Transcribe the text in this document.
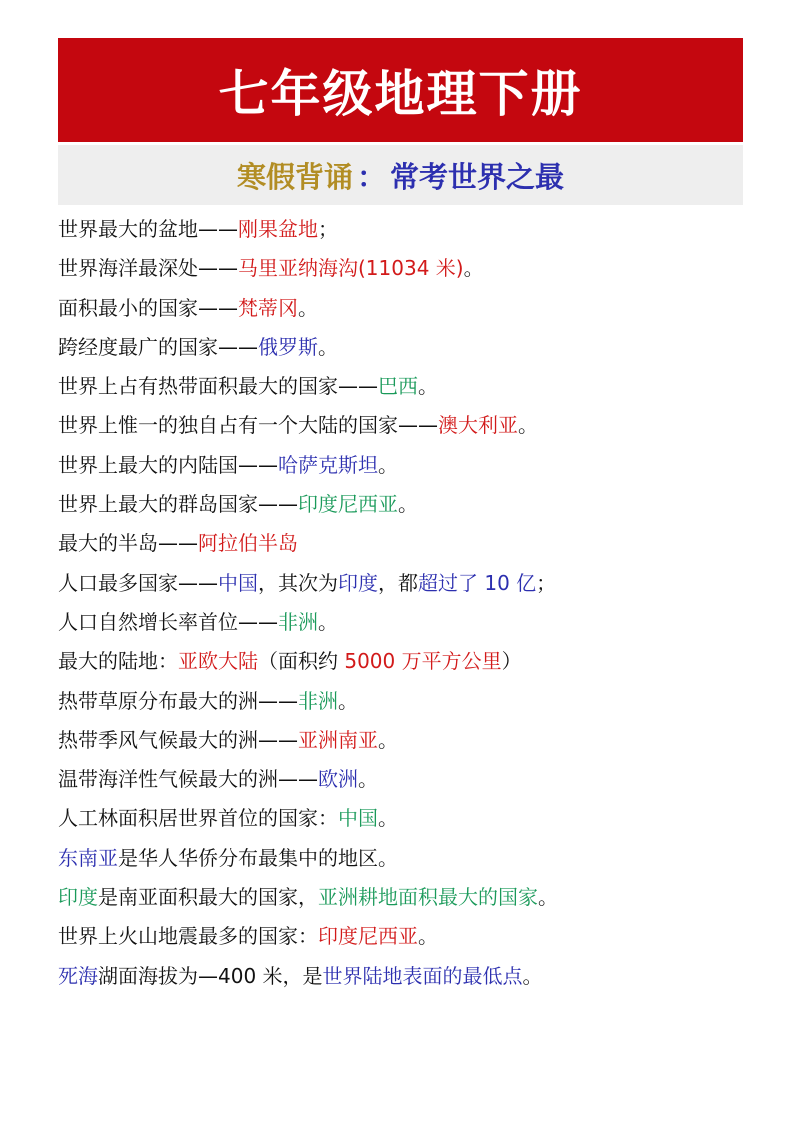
七年级地理下册
寒假背诵 ： 常考世界之最
世界最大的盆地——刚果盆地；
世界海洋最深处——马里亚纳海沟(11034 米)。
面积最小的国家——梵蒂冈。
跨经度最广的国家——俄罗斯。
世界上占有热带面积最大的国家——巴西。
世界上惟一的独自占有一个大陆的国家——澳大利亚。
世界上最大的内陆国——哈萨克斯坦。
世界上最大的群岛国家——印度尼西亚。
最大的半岛——阿拉伯半岛
人口最多国家——中国，其次为印度，都超过了 10 亿；
人口自然增长率首位——非洲。
最大的陆地：亚欧大陆（面积约 5000 万平方公里）
热带草原分布最大的洲——非洲。
热带季风气候最大的洲——亚洲南亚。
温带海洋性气候最大的洲——欧洲。
人工林面积居世界首位的国家：中国。
东南亚是华人华侨分布最集中的地区。
印度是南亚面积最大的国家，亚洲耕地面积最大的国家。
世界上火山地震最多的国家：印度尼西亚。
死海湖面海拔为—400 米，是世界陆地表面的最低点。
